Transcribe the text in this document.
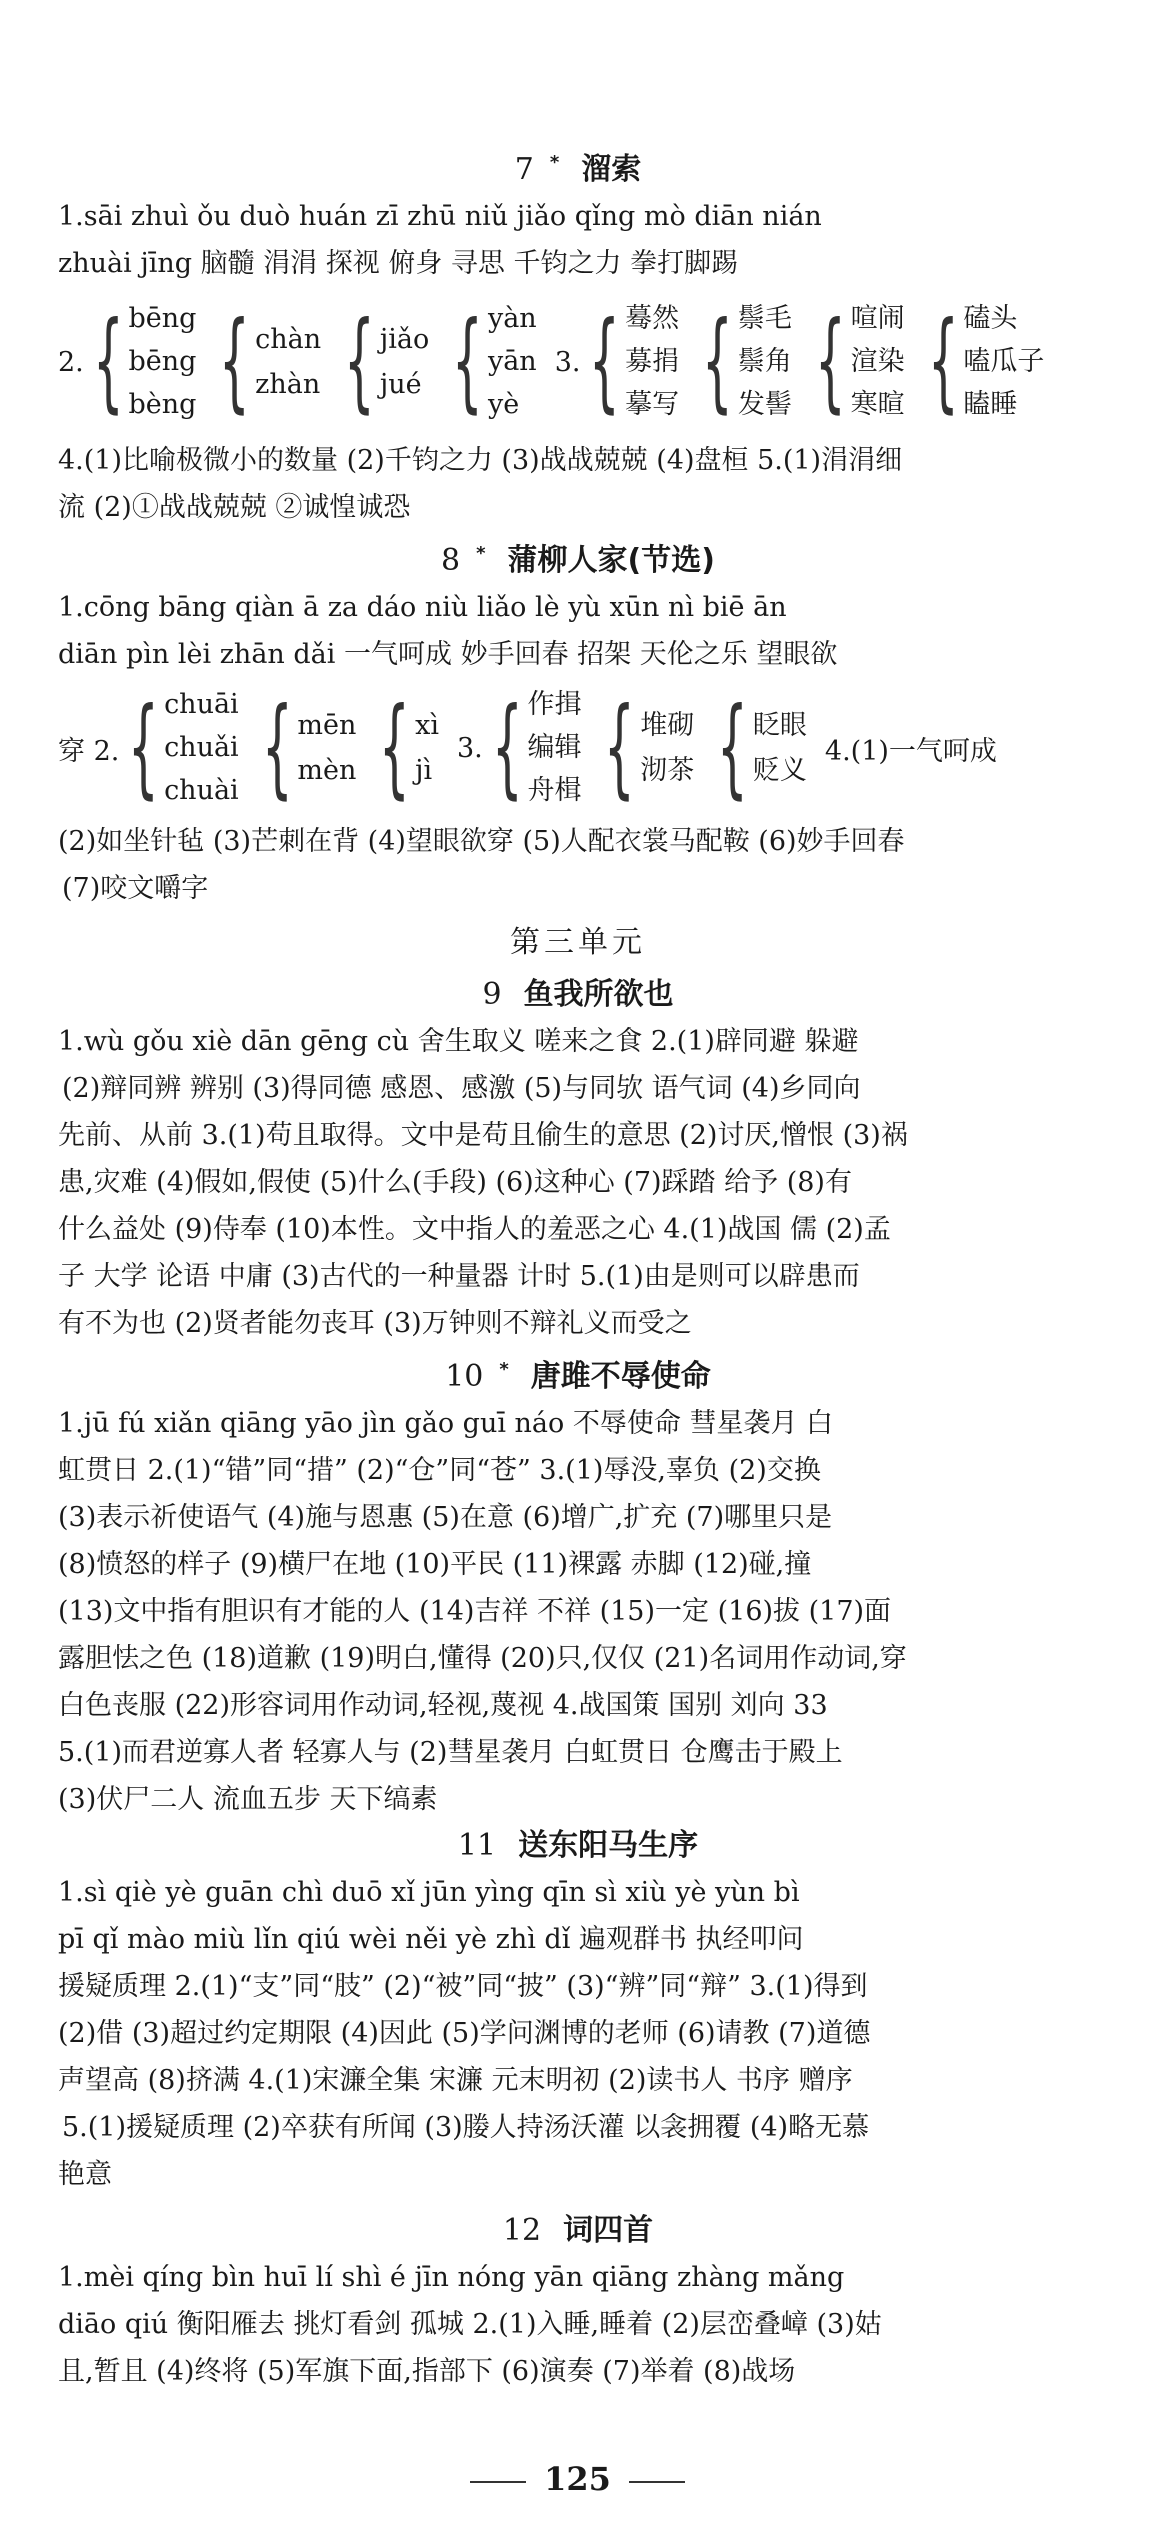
7 * 溜索
1.sāi zhuì ǒu duò huán zī zhū niǔ jiǎo qǐng mò diān nián
zhuài jīng 脑髓 涓涓 探视 俯身 寻思 千钧之力 拳打脚踢
2. { bēng
bēng
bèng { chàn
zhàn { jiǎo
jué { yàn
yān
yè
3. { 蓦然
募捐
摹写 { 鬃毛
鬃角
发髻 { 喧闹
渲染
寒暄 { 磕头
嗑瓜子
瞌睡
4.(1)比喻极微小的数量 (2)千钧之力 (3)战战兢兢 (4)盘桓 5.(1)涓涓细
流 (2)①战战兢兢 ②诚惶诚恐
8 * 蒲柳人家(节选)
1.cōng bāng qiàn ā za dáo niù liǎo lè yù xūn nì biē ān
diān pìn lèi zhān dǎi 一气呵成 妙手回春 招架 天伦之乐 望眼欲
穿 2. { chuāi
chuǎi
chuài { mēn
mèn { xì
jì
3. { 作揖
编辑
舟楫 { 堆砌
沏茶 { 眨眼
贬义
4.(1)一气呵成
(2)如坐针毡 (3)芒刺在背 (4)望眼欲穿 (5)人配衣裳马配鞍 (6)妙手回春
(7)咬文嚼字
第三单元
9 鱼我所欲也
1.wù gǒu xiè dān gēng cù 舍生取义 嗟来之食 2.(1)辟同避 躲避
(2)辩同辨 辨别 (3)得同德 感恩、感激 (5)与同欤 语气词 (4)乡同向
先前、从前 3.(1)苟且取得。文中是苟且偷生的意思 (2)讨厌,憎恨 (3)祸
患,灾难 (4)假如,假使 (5)什么(手段) (6)这种心 (7)踩踏 给予 (8)有
什么益处 (9)侍奉 (10)本性。文中指人的羞恶之心 4.(1)战国 儒 (2)孟
子 大学 论语 中庸 (3)古代的一种量器 计时 5.(1)由是则可以辟患而
有不为也 (2)贤者能勿丧耳 (3)万钟则不辩礼义而受之
10 * 唐雎不辱使命
1.jū fú xiǎn qiāng yāo jìn gǎo guī náo 不辱使命 彗星袭月 白
虹贯日 2.(1)“错”同“措” (2)“仓”同“苍” 3.(1)辱没,辜负 (2)交换
(3)表示祈使语气 (4)施与恩惠 (5)在意 (6)增广,扩充 (7)哪里只是
(8)愤怒的样子 (9)横尸在地 (10)平民 (11)裸露 赤脚 (12)碰,撞
(13)文中指有胆识有才能的人 (14)吉祥 不祥 (15)一定 (16)拔 (17)面
露胆怯之色 (18)道歉 (19)明白,懂得 (20)只,仅仅 (21)名词用作动词,穿
白色丧服 (22)形容词用作动词,轻视,蔑视 4.战国策 国别 刘向 33
5.(1)而君逆寡人者 轻寡人与 (2)彗星袭月 白虹贯日 仓鹰击于殿上
(3)伏尸二人 流血五步 天下缟素
11 送东阳马生序
1.sì qiè yè guān chì duō xǐ jūn yìng qīn sì xiù yè yùn bì
pī qǐ mào miù lǐn qiú wèi něi yè zhì dǐ 遍观群书 执经叩问
援疑质理 2.(1)“支”同“肢” (2)“被”同“披” (3)“辨”同“辩” 3.(1)得到
(2)借 (3)超过约定期限 (4)因此 (5)学问渊博的老师 (6)请教 (7)道德
声望高 (8)挤满 4.(1)宋濂全集 宋濂 元末明初 (2)读书人 书序 赠序
5.(1)援疑质理 (2)卒获有所闻 (3)媵人持汤沃灌 以衾拥覆 (4)略无慕
艳意
12 词四首
1.mèi qíng bìn huī lí shì é jīn nóng yān qiāng zhàng mǎng
diāo qiú 衡阳雁去 挑灯看剑 孤城 2.(1)入睡,睡着 (2)层峦叠嶂 (3)姑
且,暂且 (4)终将 (5)军旗下面,指部下 (6)演奏 (7)举着 (8)战场
125
